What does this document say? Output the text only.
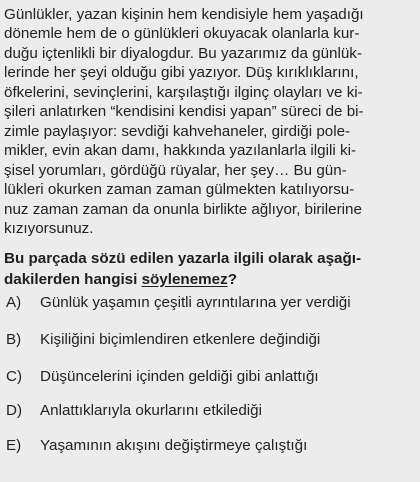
Günlükler, yazan kişinin hem kendisiyle hem yaşadığı
dönemle hem de o günlükleri okuyacak olanlarla kur-
duğu içtenlikli bir diyalogdur. Bu yazarımız da günlük-
lerinde her şeyi olduğu gibi yazıyor. Düş kırıklıklarını,
öfkelerini, sevinçlerini, karşılaştığı ilginç olayları ve ki-
şileri anlatırken “kendisini kendisi yapan” süreci de bi-
zimle paylaşıyor: sevdiği kahvehaneler, girdiği pole-
mikler, evin akan damı, hakkında yazılanlarla ilgili ki-
şisel yorumları, gördüğü rüyalar, her şey… Bu gün-
lükleri okurken zaman zaman gülmekten katılıyorsu-
nuz zaman zaman da onunla birlikte ağlıyor, birilerine
kızıyorsunuz.
Bu parçada sözü edilen yazarla ilgili olarak aşağı-
dakilerden hangisi söylenemez?
A) Günlük yaşamın çeşitli ayrıntılarına yer verdiği
B) Kişiliğini biçimlendiren etkenlere değindiği
C) Düşüncelerini içinden geldiği gibi anlattığı
D) Anlattıklarıyla okurlarını etkilediği
E) Yaşamının akışını değiştirmeye çalıştığı
